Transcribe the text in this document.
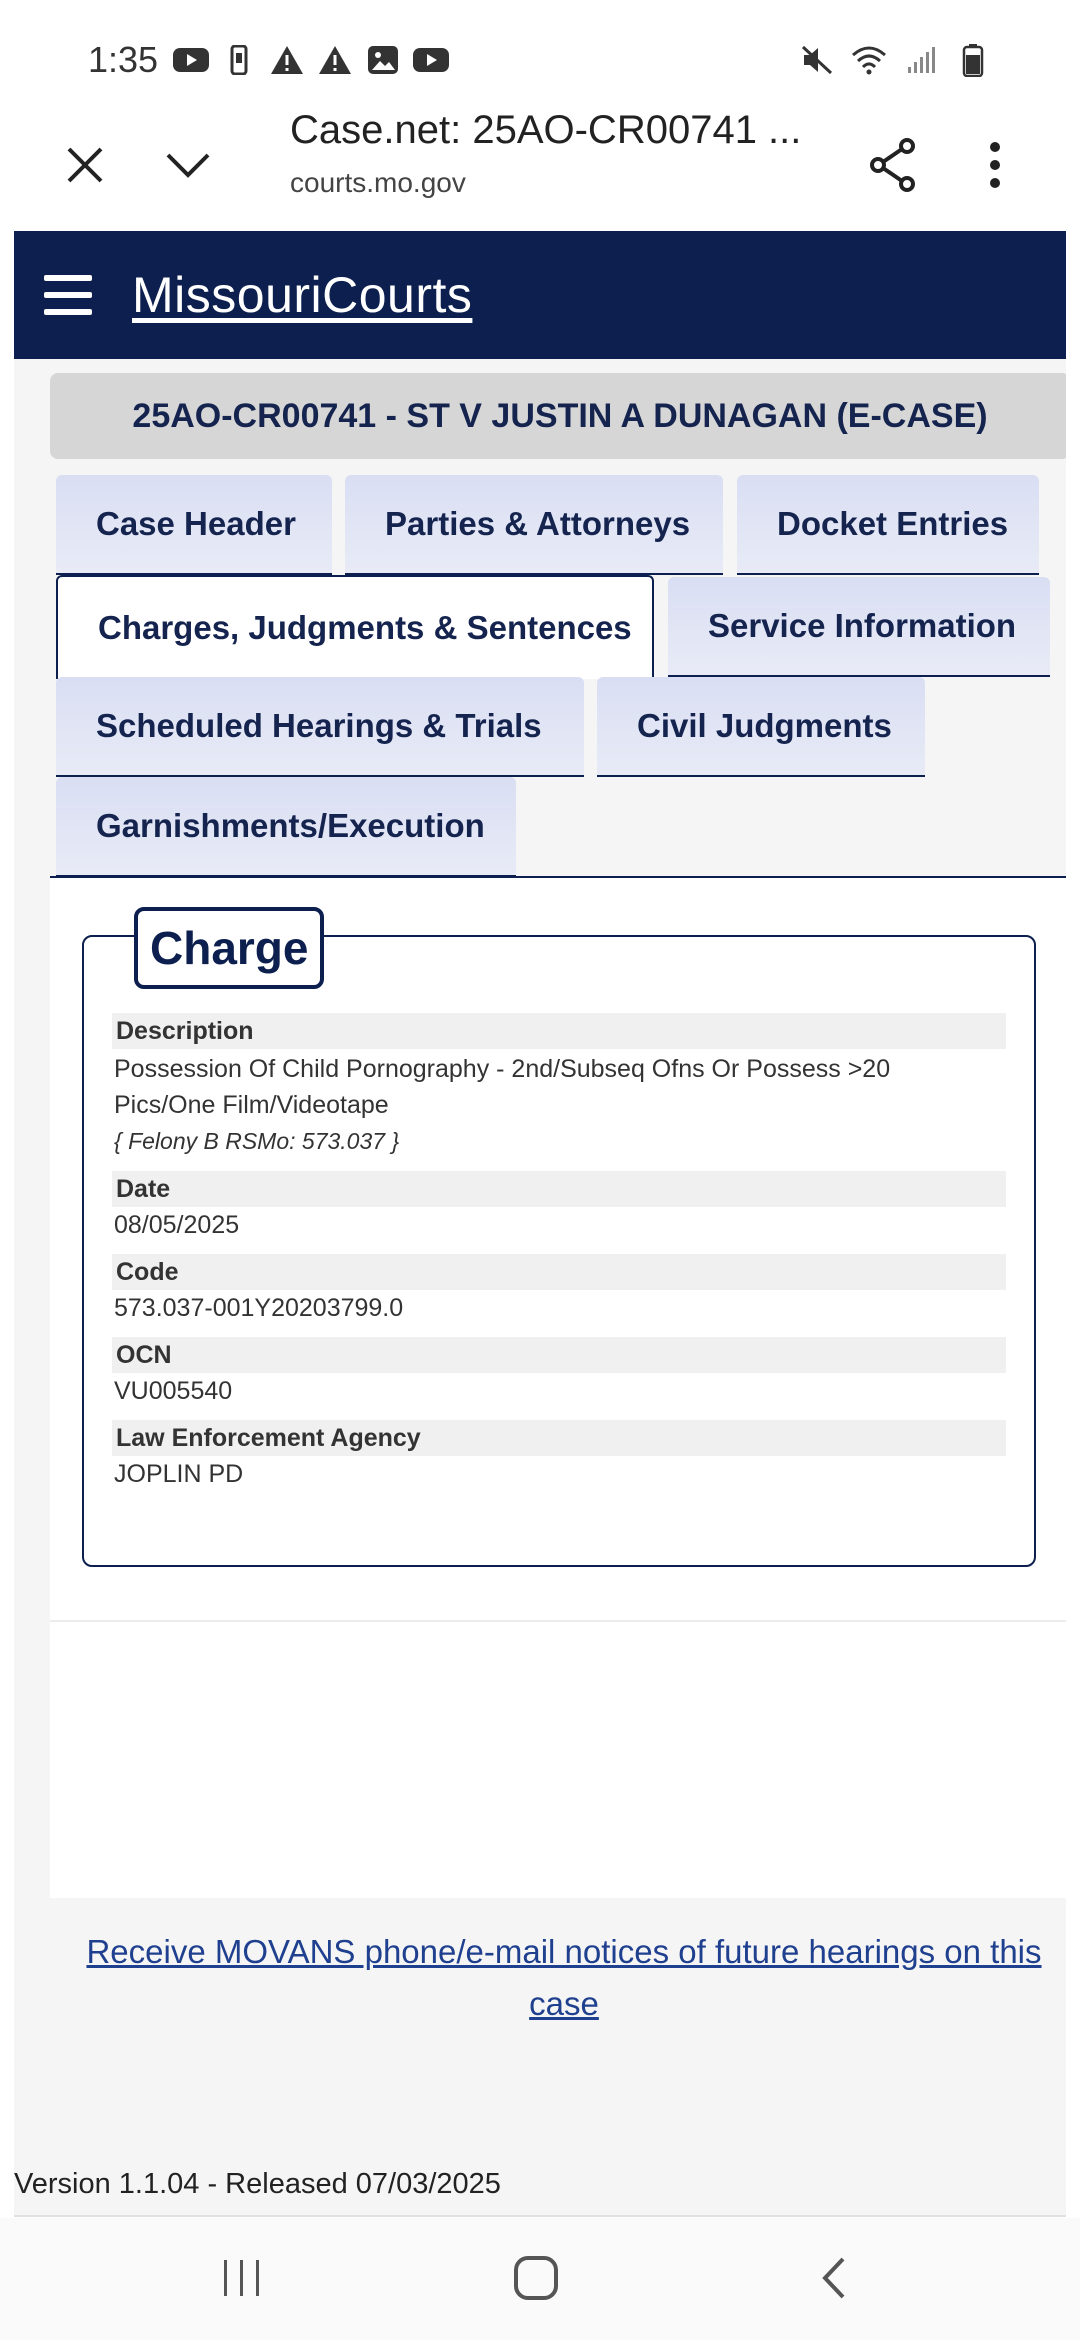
1:35
Case.net: 25AO-CR00741 ...
courts.mo.gov
MissouriCourts
25AO-CR00741 - ST V JUSTIN A DUNAGAN (E-CASE)
Case Header	Parties & Attorneys	Docket Entries
Charges, Judgments & Sentences	Service Information
Scheduled Hearings & Trials	Civil Judgments
Garnishments/Execution
Charge
Description
Possession Of Child Pornography - 2nd/Subseq Ofns Or Possess >20
Pics/One Film/Videotape
{ Felony B RSMo: 573.037 }
Date
08/05/2025
Code
573.037-001Y20203799.0
OCN
VU005540
Law Enforcement Agency
JOPLIN PD
Receive MOVANS phone/e-mail notices of future hearings on this case
Version 1.1.04 - Released 07/03/2025
